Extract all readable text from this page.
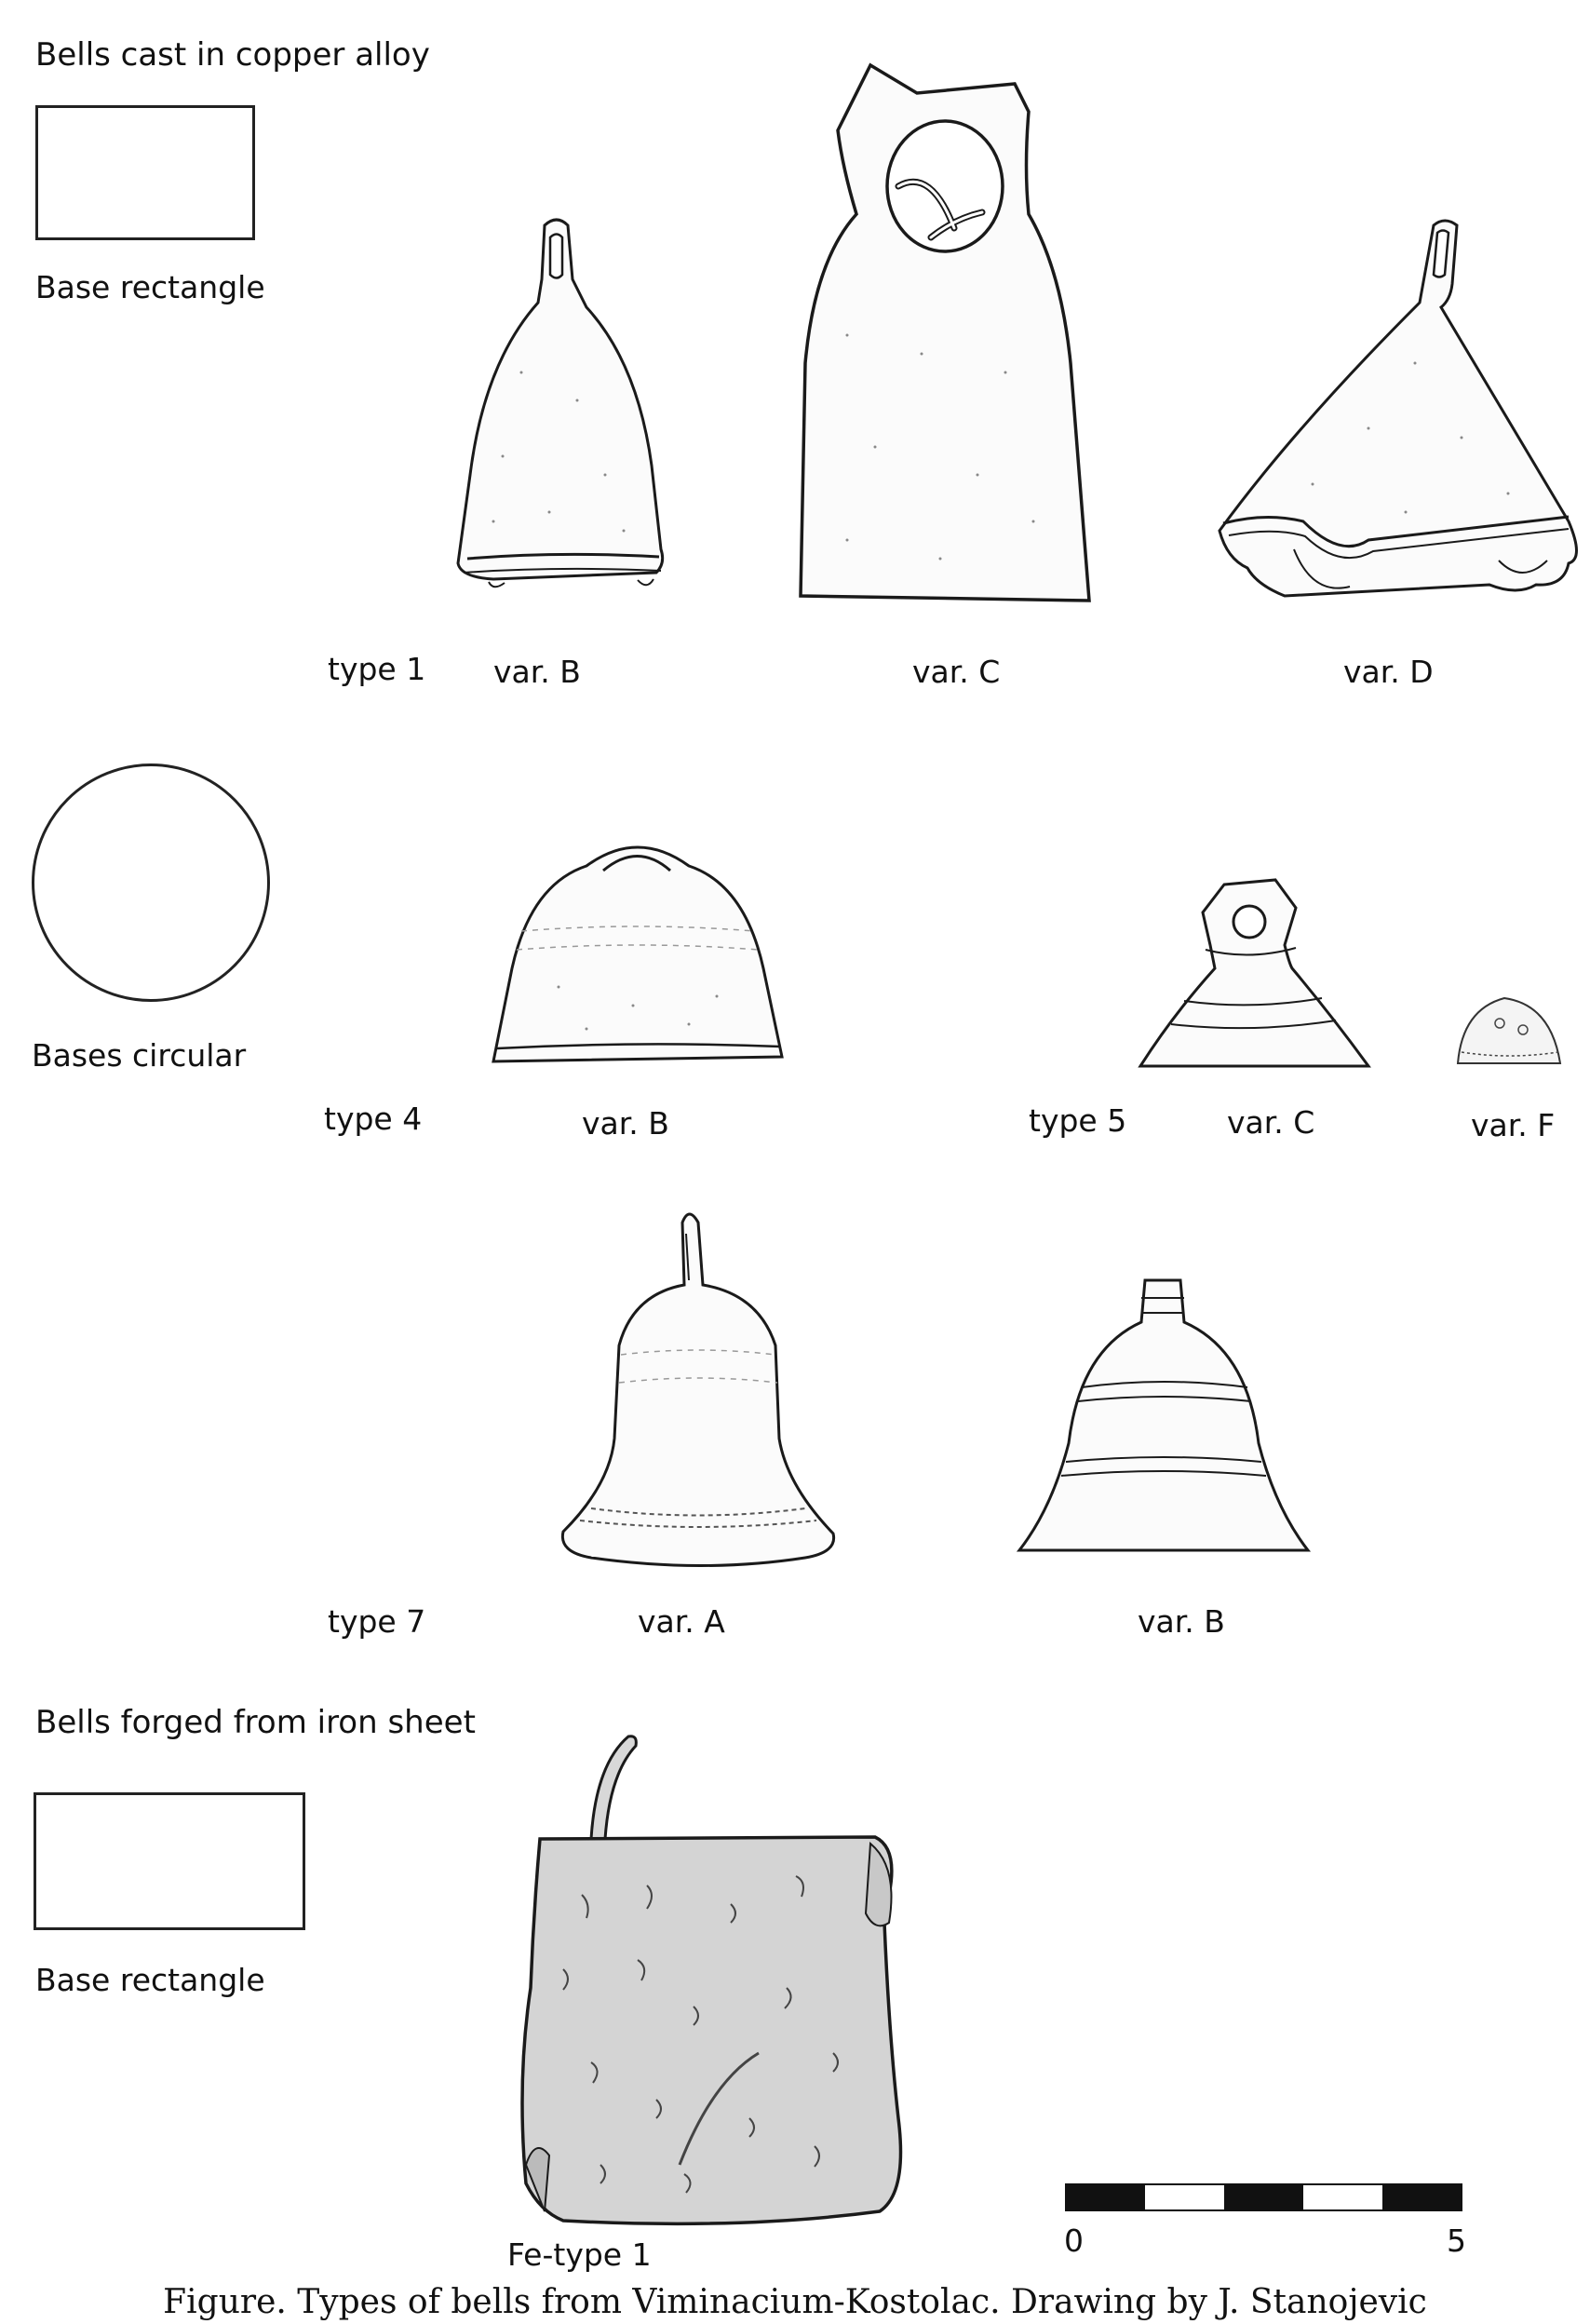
Bells cast in copper alloy
Base rectangle
type 1 var. B	var. C	var. D
Bases circular
type 4	var. B	type 5	var. C	var. F
type 7	var. A	var. B
Bells forged from iron sheet
Base rectangle
Fe-type 1	0	5
Figure. Types of bells from Viminacium-Kostolac. Drawing by J. Stanojevic
